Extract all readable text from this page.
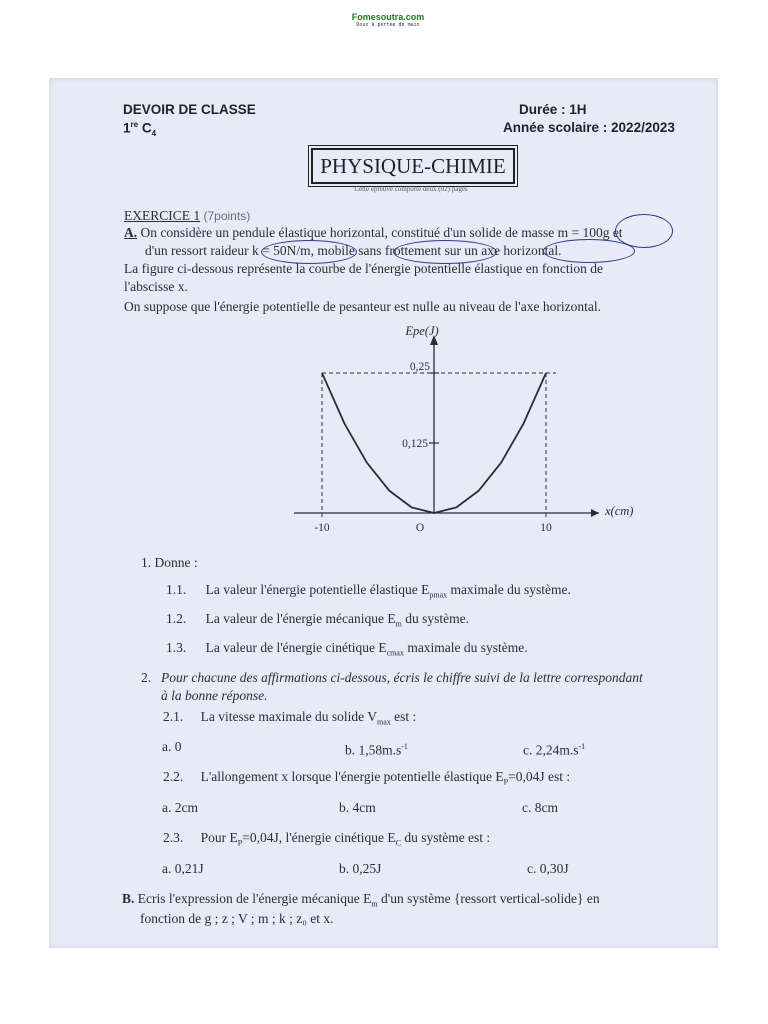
Fomesoutra.com
Doux à portée de main
DEVOIR DE CLASSE
1re $C_4$
Durée : 1H
Année scolaire : 2022/2023
PHYSIQUE-CHIMIE
Cette épreuve comporte deux (02) pages
EXERCICE 1 (7points)
A. On considère un pendule élastique horizontal, constitué d'un solide de masse m = 100g et
d'un ressort raideur k = 50N/m, mobile sans frottement sur un axe horizontal.
La figure ci-dessous représente la courbe de l'énergie potentielle élastique en fonction de
l'abscisse x.
On suppose que l'énergie potentielle de pesanteur est nulle au niveau de l'axe horizontal.
0,125
0,25
-10	O	10
Epe(J)
x(cm)
1. Donne :
1.1. La valeur l'énergie potentielle élastique $E_{pmax}$ maximale du système.
1.2. La valeur de l'énergie mécanique $E_m$ du système.
1.3. La valeur de l'énergie cinétique $E_{cmax}$ maximale du système.
2. Pour chacune des affirmations ci-dessous, écris le chiffre suivi de la lettre correspondant
à la bonne réponse.
2.1. La vitesse maximale du solide $V_{max}$ est :
a. 0	b. $1,58m.s^{-1}$	c. $2,24m.s^{-1}$
2.2. L'allongement x lorsque l'énergie potentielle élastique $E_P=0,04J$ est :
a. 2cm	b. 4cm	c. 8cm
2.3. Pour $E_P=0,04J$, l'énergie cinétique $E_C$ du système est :
a. 0,21J	b. 0,25J	c. 0,30J
B. Ecris l'expression de l'énergie mécanique $E_m$ d'un système {ressort vertical-solide} en
fonction de g ; z ; V ; m ; k ; z₀ et x.
